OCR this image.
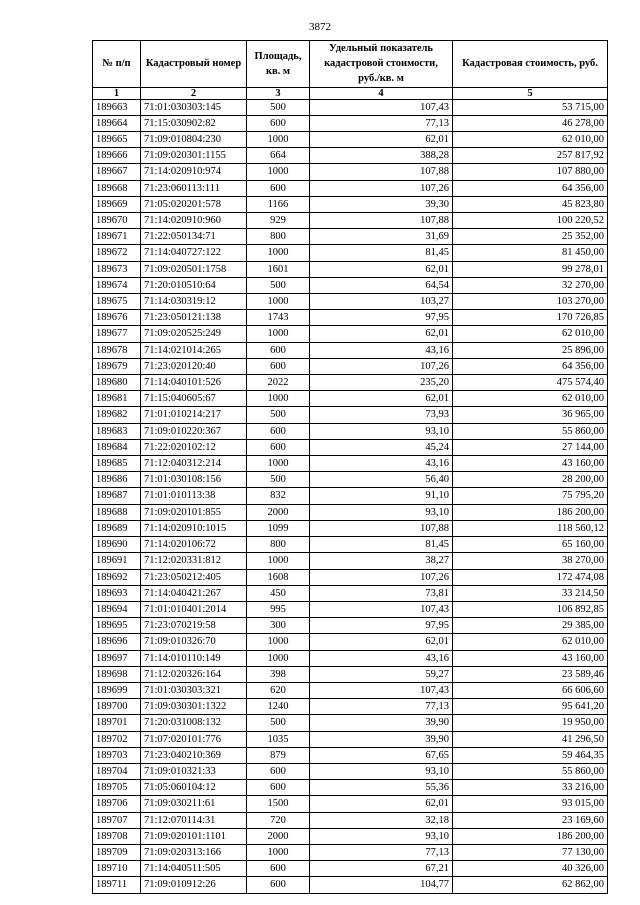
3872
№ п/п	Кадастровый номер	Площадь, кв. м	Удельный показатель кадастровой стоимости, руб./кв. м	Кадастровая стоимость, руб.
1	2	3	4	5
189663	71:01:030303:145	500	107,43	53 715,00
189664	71:15:030902:82	600	77,13	46 278,00
189665	71:09:010804:230	1000	62,01	62 010,00
189666	71:09:020301:1155	664	388,28	257 817,92
189667	71:14:020910:974	1000	107,88	107 880,00
189668	71:23:060113:111	600	107,26	64 356,00
189669	71:05:020201:578	1166	39,30	45 823,80
189670	71:14:020910:960	929	107,88	100 220,52
189671	71:22:050134:71	800	31,69	25 352,00
189672	71:14:040727:122	1000	81,45	81 450,00
189673	71:09:020501:1758	1601	62,01	99 278,01
189674	71:20:010510:64	500	64,54	32 270,00
189675	71:14:030319:12	1000	103,27	103 270,00
189676	71:23:050121:138	1743	97,95	170 726,85
189677	71:09:020525:249	1000	62,01	62 010,00
189678	71:14:021014:265	600	43,16	25 896,00
189679	71:23:020120:40	600	107,26	64 356,00
189680	71:14:040101:526	2022	235,20	475 574,40
189681	71:15:040605:67	1000	62,01	62 010,00
189682	71:01:010214:217	500	73,93	36 965,00
189683	71:09:010220:367	600	93,10	55 860,00
189684	71:22:020102:12	600	45,24	27 144,00
189685	71:12:040312:214	1000	43,16	43 160,00
189686	71:01:030108:156	500	56,40	28 200,00
189687	71:01:010113:38	832	91,10	75 795,20
189688	71:09:020101:855	2000	93,10	186 200,00
189689	71:14:020910:1015	1099	107,88	118 560,12
189690	71:14:020106:72	800	81,45	65 160,00
189691	71:12:020331:812	1000	38,27	38 270,00
189692	71:23:050212:405	1608	107,26	172 474,08
189693	71:14:040421:267	450	73,81	33 214,50
189694	71:01:010401:2014	995	107,43	106 892,85
189695	71:23:070219:58	300	97,95	29 385,00
189696	71:09:010326:70	1000	62,01	62 010,00
189697	71:14:010110:149	1000	43,16	43 160,00
189698	71:12:020326:164	398	59,27	23 589,46
189699	71:01:030303:321	620	107,43	66 606,60
189700	71:09:030301:1322	1240	77,13	95 641,20
189701	71:20:031008:132	500	39,90	19 950,00
189702	71:07:020101:776	1035	39,90	41 296,50
189703	71:23:040210:369	879	67,65	59 464,35
189704	71:09:010321:33	600	93,10	55 860,00
189705	71:05:060104:12	600	55,36	33 216,00
189706	71:09:030211:61	1500	62,01	93 015,00
189707	71:12:070114:31	720	32,18	23 169,60
189708	71:09:020101:1101	2000	93,10	186 200,00
189709	71:09:020313:166	1000	77,13	77 130,00
189710	71:14:040511:505	600	67,21	40 326,00
189711	71:09:010912:26	600	104,77	62 862,00
